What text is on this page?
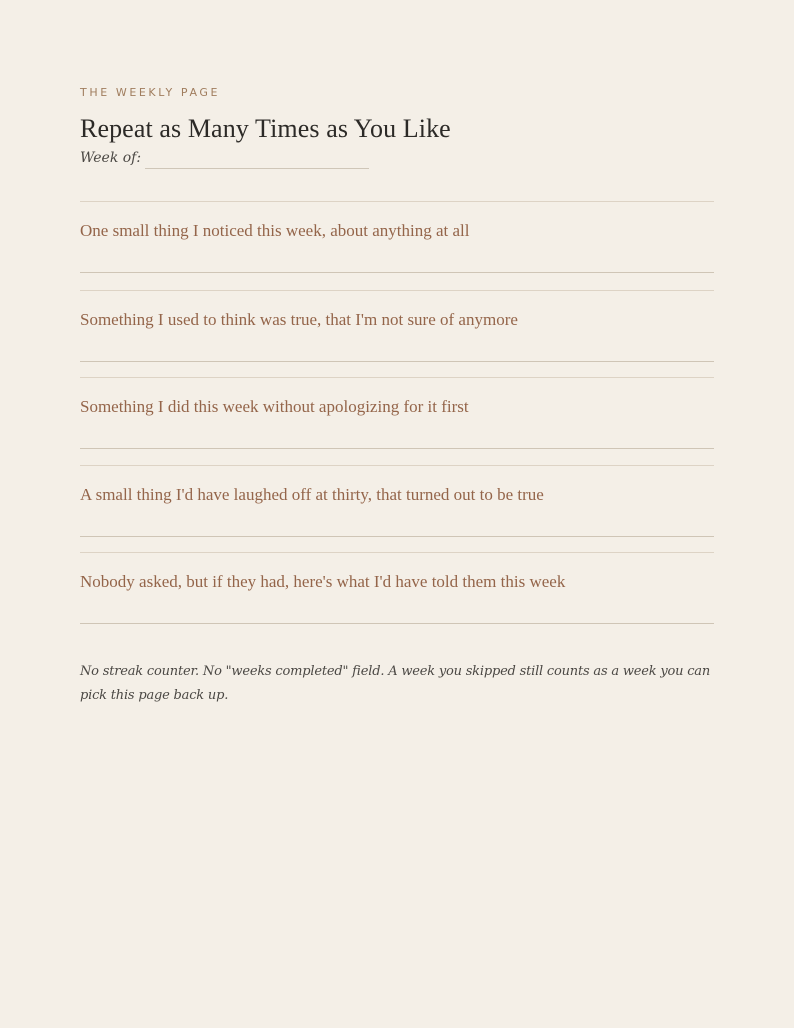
THE WEEKLY PAGE
Repeat as Many Times as You Like
Week of:
One small thing I noticed this week, about anything at all
Something I used to think was true, that I'm not sure of anymore
Something I did this week without apologizing for it first
A small thing I'd have laughed off at thirty, that turned out to be true
Nobody asked, but if they had, here's what I'd have told them this week
No streak counter. No "weeks completed" field. A week you skipped still counts as a week you can pick this page back up.
